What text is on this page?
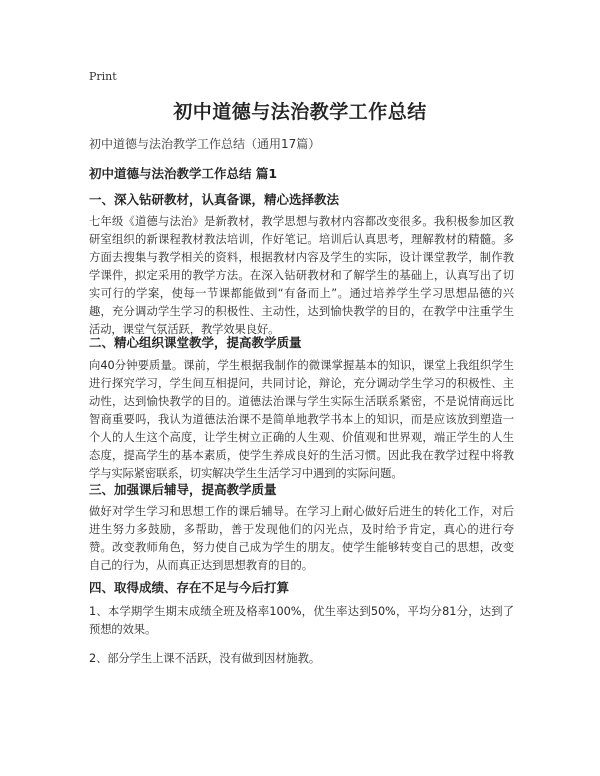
Print
初中道德与法治教学工作总结
初中道德与法治教学工作总结（通用17篇）
初中道德与法治教学工作总结 篇1
一、深入钻研教材，认真备课，精心选择教法

七年级《道德与法治》是新教材，教学思想与教材内容都改变很多。我积极参加区教研室组织的新课程教材教法培训，作好笔记。培训后认真思考，理解教材的精髓。多方面去搜集与教学相关的资料，根据教材内容及学生的实际，设计课堂教学，制作教学课件，拟定采用的教学方法。在深入钻研教材和了解学生的基础上，认真写出了切实可行的学案，使每一节课都能做到“有备而上”。通过培养学生学习思想品德的兴趣，充分调动学生学习的积极性、主动性，达到愉快教学的目的，在教学中注重学生活动，课堂气氛活跃，教学效果良好。

二、精心组织课堂教学，提高教学质量

向40分钟要质量。课前，学生根据我制作的微课掌握基本的知识，课堂上我组织学生进行探究学习，学生间互相提问，共同讨论，辩论，充分调动学生学习的积极性、主动性，达到愉快教学的目的。道德法治课与学生实际生活联系紧密，不是说情商远比智商重要吗，我认为道德法治课不是简单地教学书本上的知识，而是应该放到塑造一个人的人生这个高度，让学生树立正确的人生观、价值观和世界观，端正学生的人生态度，提高学生的基本素质，使学生养成良好的生活习惯。因此我在教学过程中将教学与实际紧密联系，切实解决学生生活学习中遇到的实际问题。

三、加强课后辅导，提高教学质量

做好对学生学习和思想工作的课后辅导。在学习上耐心做好后进生的转化工作，对后进生努力多鼓励，多帮助，善于发现他们的闪光点，及时给予肯定，真心的进行夸赞。改变教师角色，努力使自己成为学生的朋友。使学生能够转变自己的思想，改变自己的行为，从而真正达到思想教育的目的。

四、取得成绩、存在不足与今后打算

1、本学期学生期末成绩全班及格率100%，优生率达到50%，平均分81分，达到了预想的效果。

2、部分学生上课不活跃，没有做到因材施教。
